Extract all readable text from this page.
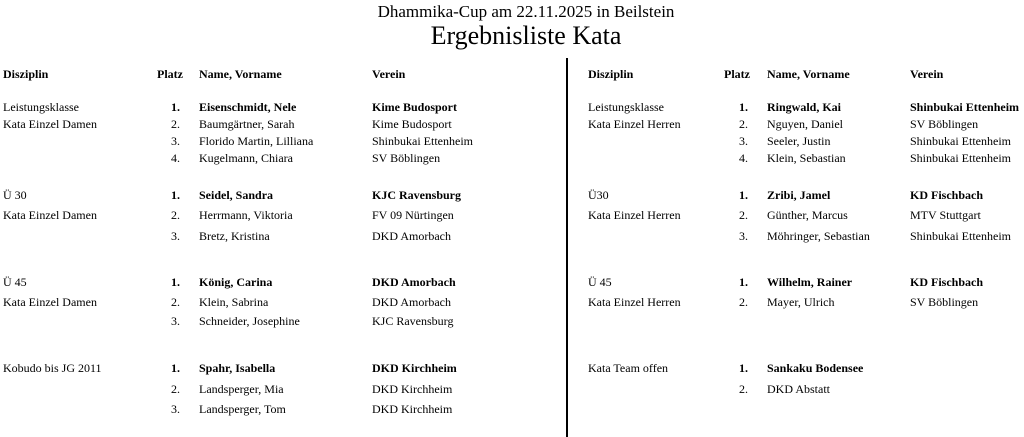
Dhammika-Cup am 22.11.2025 in Beilstein
Ergebnisliste Kata
Disziplin	Platz Name, Vorname	Verein	Disziplin	Platz Name, Vorname	Verein
Leistungsklasse
Kata Einzel Damen
1. Eisenschmidt, Nele	Kime Budosport
2. Baumgärtner, Sarah	Kime Budosport
3. Florido Martin, Lilliana	Shinbukai Ettenheim
4. Kugelmann, Chiara	SV Böblingen
Ü 30
Kata Einzel Damen
1. Seidel, Sandra	KJC Ravensburg
2. Herrmann, Viktoria	FV 09 Nürtingen
3. Bretz, Kristina	DKD Amorbach
Ü 45
Kata Einzel Damen
1. König, Carina	DKD Amorbach
2. Klein, Sabrina	DKD Amorbach
3. Schneider, Josephine	KJC Ravensburg
Kobudo bis JG 2011	1. Spahr, Isabella	DKD Kirchheim
2. Landsperger, Mia	DKD Kirchheim
3. Landsperger, Tom	DKD Kirchheim
Leistungsklasse
Kata Einzel Herren
1. Ringwald, Kai	Shinbukai Ettenheim
2. Nguyen, Daniel	SV Böblingen
3. Seeler, Justin	Shinbukai Ettenheim
4. Klein, Sebastian	Shinbukai Ettenheim
Ü30
Kata Einzel Herren
1. Zribi, Jamel	KD Fischbach
2. Günther, Marcus	MTV Stuttgart
3. Möhringer, Sebastian	Shinbukai Ettenheim
Ü 45
Kata Einzel Herren
1. Wilhelm, Rainer	KD Fischbach
2. Mayer, Ulrich	SV Böblingen
Kata Team offen	1. Sankaku Bodensee
2. DKD Abstatt
